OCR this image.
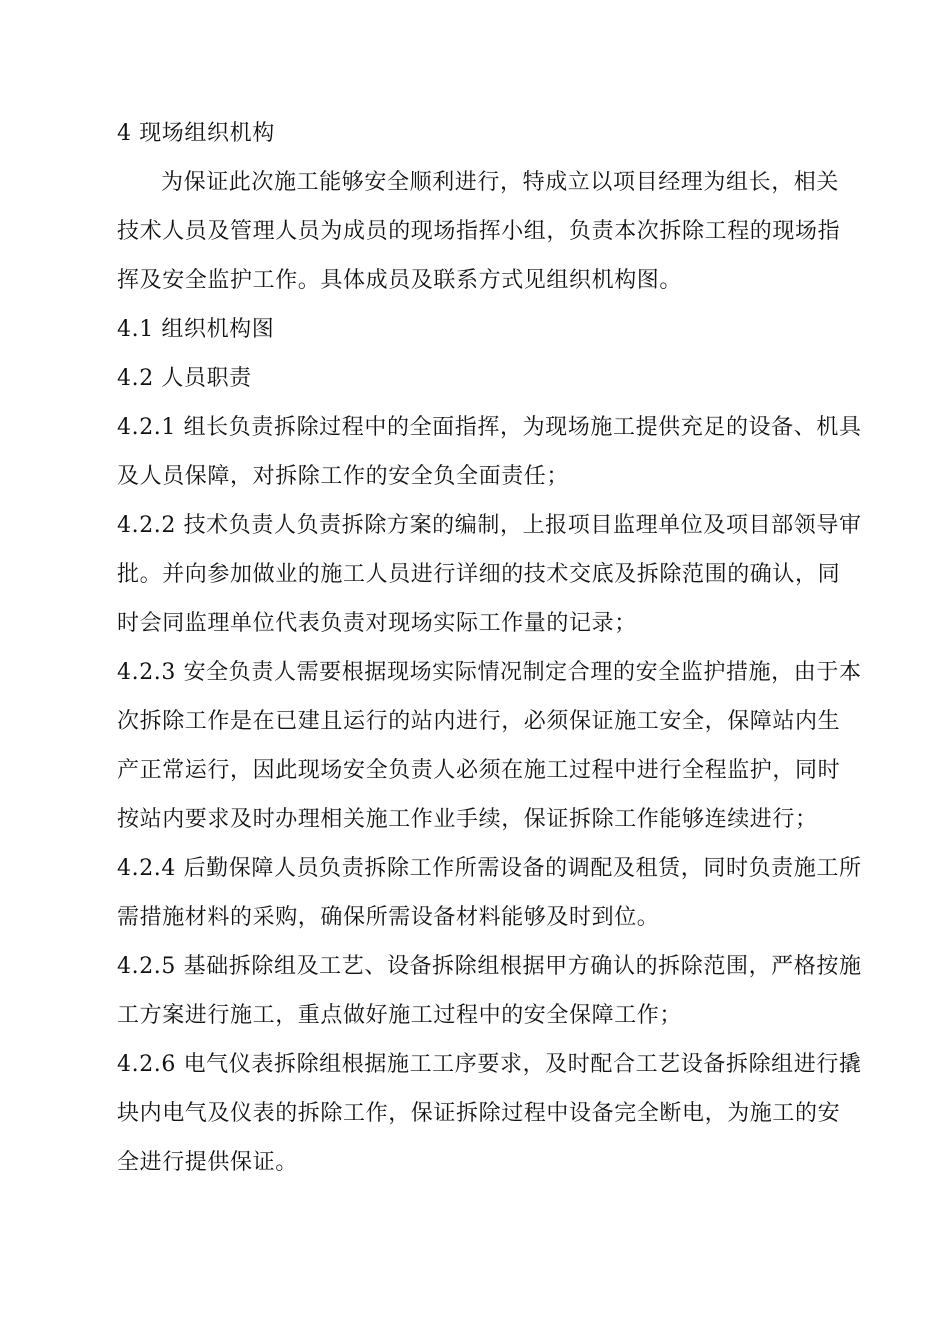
4 现场组织机构
为保证此次施工能够安全顺利进行，特成立以项目经理为组长，相关
技术人员及管理人员为成员的现场指挥小组，负责本次拆除工程的现场指
挥及安全监护工作。具体成员及联系方式见组织机构图。
4.1 组织机构图
4.2 人员职责
4.2.1 组长负责拆除过程中的全面指挥，为现场施工提供充足的设备、机具
及人员保障，对拆除工作的安全负全面责任；
4.2.2 技术负责人负责拆除方案的编制，上报项目监理单位及项目部领导审
批。并向参加做业的施工人员进行详细的技术交底及拆除范围的确认，同
时会同监理单位代表负责对现场实际工作量的记录；
4.2.3 安全负责人需要根据现场实际情况制定合理的安全监护措施，由于本
次拆除工作是在已建且运行的站内进行，必须保证施工安全，保障站内生
产正常运行，因此现场安全负责人必须在施工过程中进行全程监护，同时
按站内要求及时办理相关施工作业手续，保证拆除工作能够连续进行；
4.2.4 后勤保障人员负责拆除工作所需设备的调配及租赁，同时负责施工所
需措施材料的采购，确保所需设备材料能够及时到位。
4.2.5 基础拆除组及工艺、设备拆除组根据甲方确认的拆除范围，严格按施
工方案进行施工，重点做好施工过程中的安全保障工作；
4.2.6 电气仪表拆除组根据施工工序要求，及时配合工艺设备拆除组进行撬
块内电气及仪表的拆除工作，保证拆除过程中设备完全断电，为施工的安
全进行提供保证。
